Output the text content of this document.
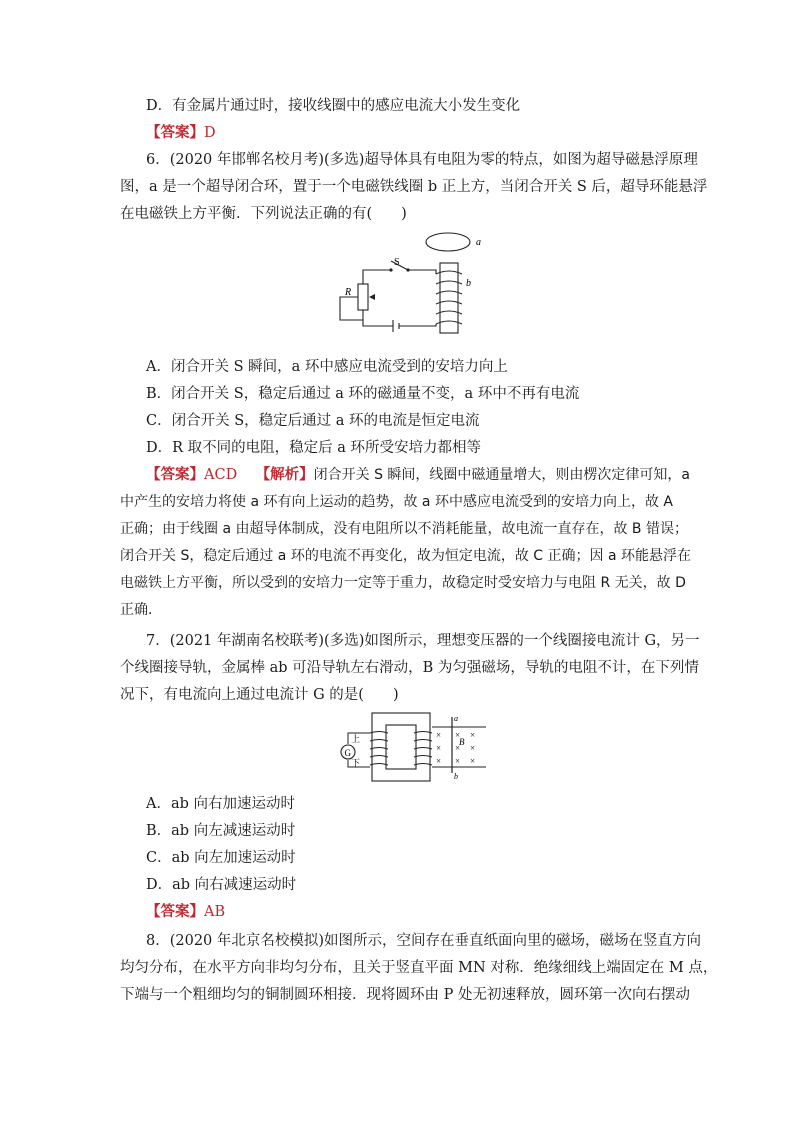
D．有金属片通过时，接收线圈中的感应电流大小发生变化
【答案】D
6．(2020 年邯郸名校月考)(多选)超导体具有电阻为零的特点，如图为超导磁悬浮原理
图，a 是一个超导闭合环，置于一个电磁铁线圈 b 正上方，当闭合开关 S 后，超导环能悬浮
在电磁铁上方平衡．下列说法正确的有(　　)
a
b
S
R
A．闭合开关 S 瞬间，a 环中感应电流受到的安培力向上
B．闭合开关 S，稳定后通过 a 环的磁通量不变，a 环中不再有电流
C．闭合开关 S，稳定后通过 a 环的电流是恒定电流
D．R 取不同的电阻，稳定后 a 环所受安培力都相等
【答案】ACD 【解析】闭合开关 S 瞬间，线圈中磁通量增大，则由楞次定律可知，a
中产生的安培力将使 a 环有向上运动的趋势，故 a 环中感应电流受到的安培力向上，故 A
正确；由于线圈 a 由超导体制成，没有电阻所以不消耗能量，故电流一直存在，故 B 错误；
闭合开关 S，稳定后通过 a 环的电流不再变化，故为恒定电流，故 C 正确；因 a 环能悬浮在
电磁铁上方平衡，所以受到的安培力一定等于重力，故稳定时受安培力与电阻 R 无关，故 D
正确．
7．(2021 年湖南名校联考)(多选)如图所示，理想变压器的一个线圈接电流计 G，另一
个线圈接导轨，金属棒 ab 可沿导轨左右滑动，B 为匀强磁场，导轨的电阻不计，在下列情
况下，有电流向上通过电流计 G 的是(　　)
G
上
下
a
b
×
×
×
×
×
×
×
× ×
B
A．ab 向右加速运动时
B．ab 向左减速运动时
C．ab 向左加速运动时
D．ab 向右减速运动时
【答案】AB
8．(2020 年北京名校模拟)如图所示，空间存在垂直纸面向里的磁场，磁场在竖直方向
均匀分布，在水平方向非均匀分布，且关于竖直平面 MN 对称．绝缘细线上端固定在 M 点，
下端与一个粗细均匀的铜制圆环相接．现将圆环由 P 处无初速释放，圆环第一次向右摆动
